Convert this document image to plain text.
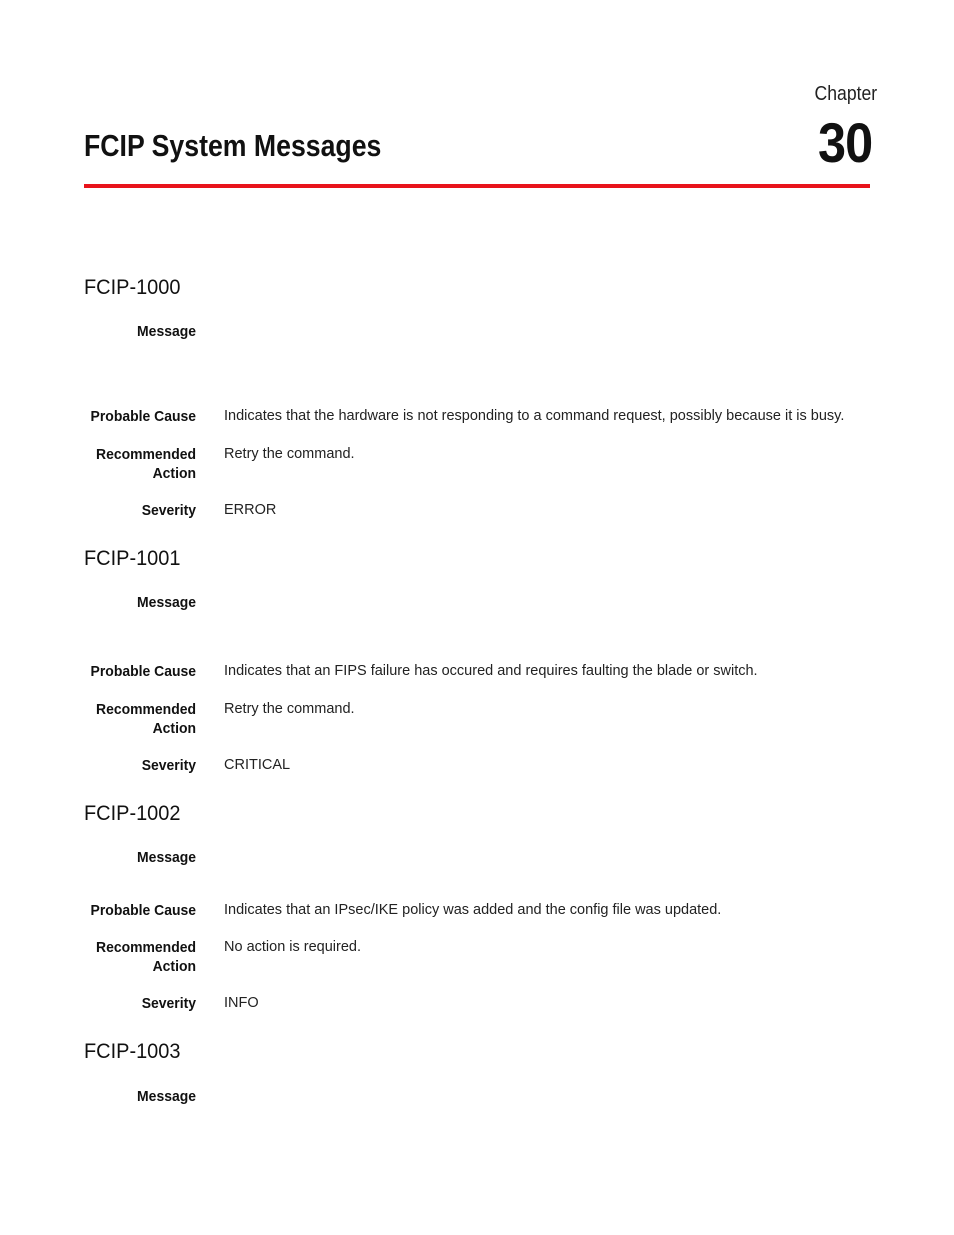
Chapter
30
FCIP System Messages
FCIP-1000
Message
Probable Cause Indicates that the hardware is not responding to a command request, possibly because it is busy.
Recommended
Action
Retry the command.
Severity ERROR
FCIP-1001
Message
Probable Cause Indicates that an FIPS failure has occured and requires faulting the blade or switch.
Recommended
Action
Retry the command.
Severity CRITICAL
FCIP-1002
Message
Probable Cause Indicates that an IPsec/IKE policy was added and the config file was updated.
Recommended
Action
No action is required.
Severity INFO
FCIP-1003
Message
